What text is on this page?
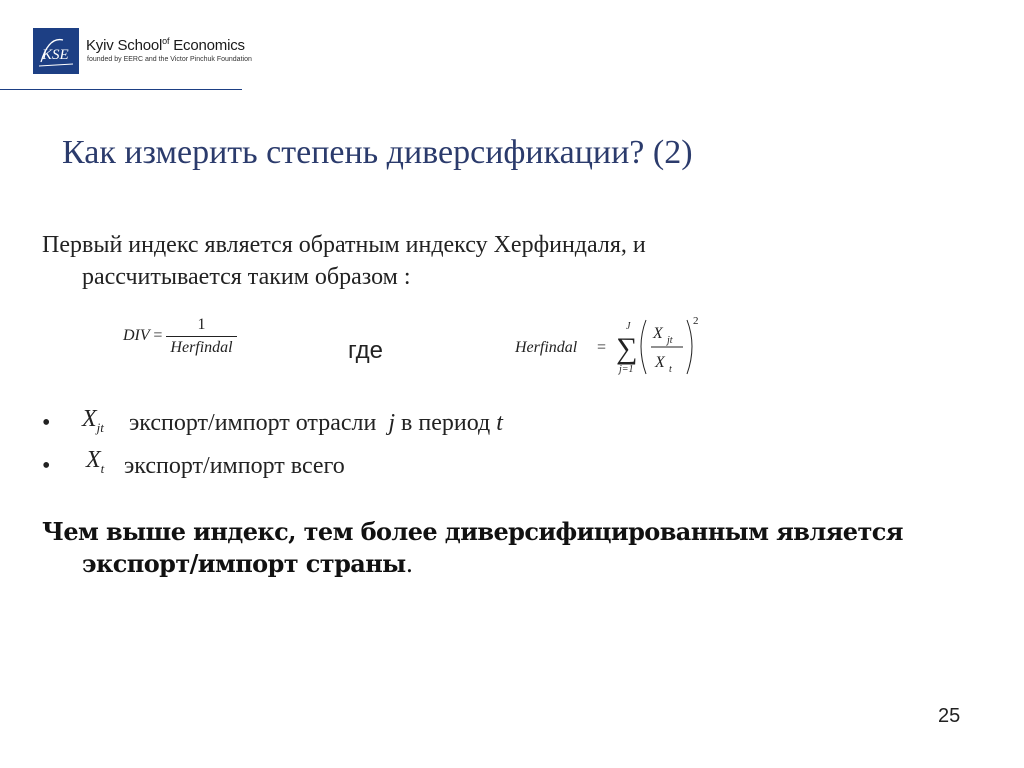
KSE
Kyiv School$^{of}$ Economics
founded by EERC and the Victor Pinchuk Foundation
Как измерить степень диверсификации? (2)
Первый индекс является обратным индексу Херфиндаля, и
рассчитывается таким образом :
DIV = $\frac{1}{\text{Herfindal}}$	где	Herfindal =
J
∑
j=1
X jt
X t
2
• $X_{jt}$ экспорт/импорт отрасли j в период t
• $X_t$ экспорт/импорт всего
Чем выше индекс, тем более диверсифицированным является
экспорт/импорт страны.
25
